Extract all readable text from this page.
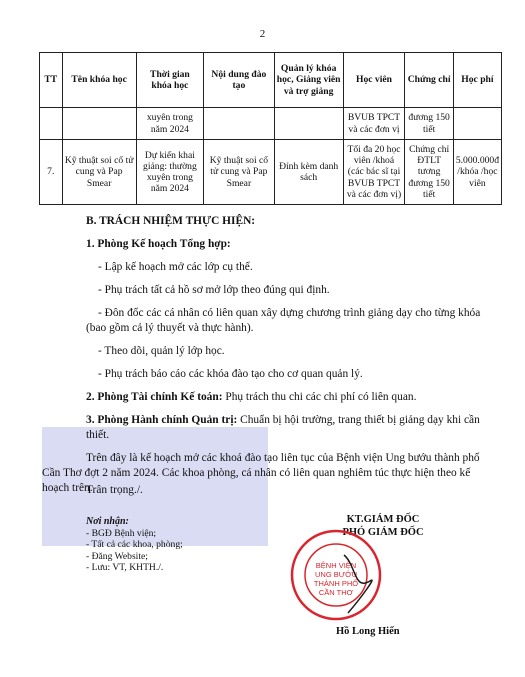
2
TT	Tên khóa học	Thời gian khóa học	Nội dung đào tạo	Quản lý khóa học, Giảng viên và trợ giảng	Học viên	Chứng chỉ	Học phí
		xuyên trong năm 2024			BVUB TPCT và các đơn vị	đương 150 tiết	
7.	Kỹ thuật soi cổ tử cung và Pap Smear	Dự kiến khai giảng: thường xuyên trong năm 2024	Kỹ thuật soi cổ tử cung và Pap Smear	Đính kèm danh sách	Tối đa 20 học viên /khoá (các bác sĩ tại BVUB TPCT và các đơn vị)	Chứng chỉ ĐTLT tương đương 150 tiết	5.000.000đ /khóa /học viên

B. TRÁCH NHIỆM THỰC HIỆN:

1. Phòng Kế hoạch Tổng hợp:

- Lập kế hoạch mở các lớp cụ thể.

- Phụ trách tất cả hồ sơ mở lớp theo đúng qui định.

- Đôn đốc các cá nhân có liên quan xây dựng chương trình giảng dạy cho từng khóa (bao gồm cả lý thuyết và thực hành).

- Theo dõi, quản lý lớp học.

- Phụ trách báo cáo các khóa đào tạo cho cơ quan quản lý.

2. Phòng Tài chính Kế toán: Phụ trách thu chi các chi phí có liên quan.

3. Phòng Hành chính Quản trị: Chuẩn bị hội trường, trang thiết bị giảng dạy khi cần thiết.

Trên đây là kế hoạch mở các khoá đào tạo liên tục của Bệnh viện Ung bướu thành phố Cần Thơ đợt 2 năm 2024. Các khoa phòng, cá nhân có liên quan nghiêm túc thực hiện theo kế hoạch trên.

Trân trọng./.
Nơi nhận:
- BGĐ Bệnh viện;
- Tất cả các khoa, phòng;
- Đăng Website;
- Lưu: VT, KHTH./.
KT.GIÁM ĐỐC
PHÓ GIÁM ĐỐC
BỆNH VIỆN
UNG BƯỚU
THÀNH PHỐ
CẦN THƠ
Hồ Long Hiển
